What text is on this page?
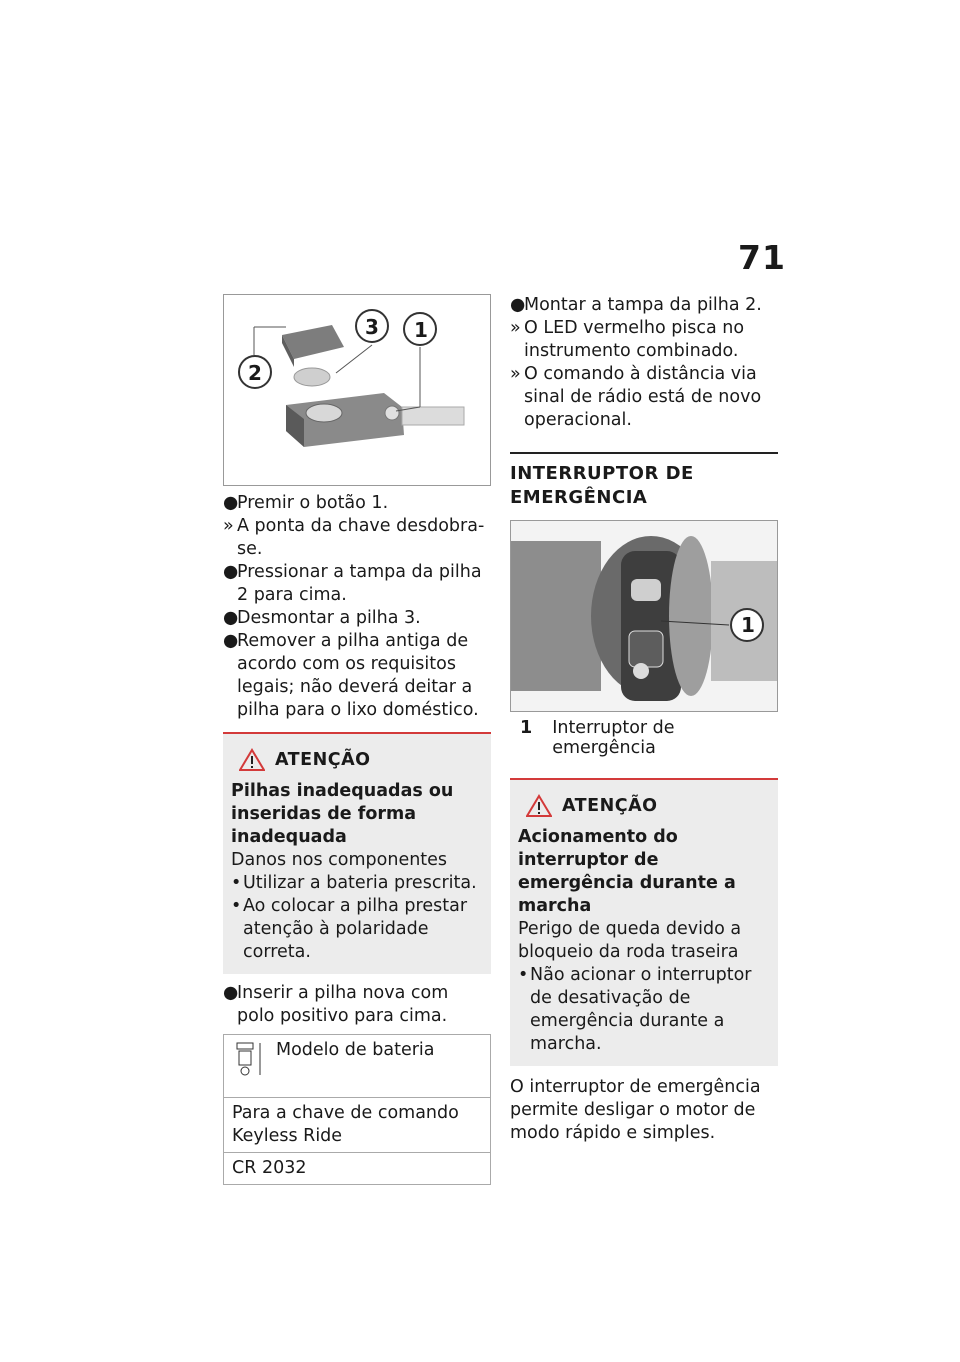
71
2
3 1
●
Premir o botão 1.
» A ponta da chave desdobra-se.
●
Pressionar a tampa da pilha 2 para cima.
●
Desmontar a pilha 3.
●
Remover a pilha antiga de acordo com os requisitos legais; não deverá deitar a pilha para o lixo doméstico.
ATENÇÃO
Pilhas inadequadas ou inseridas de forma inadequada
Danos nos componentes
• Utilizar a bateria prescrita.
• Ao colocar a pilha prestar atenção à polaridade correta.
●
Inserir a pilha nova com polo positivo para cima.
Modelo de bateria
Para a chave de comando Keyless Ride
CR 2032
●
Montar a tampa da pilha 2.
» O LED vermelho pisca no instrumento combinado.
» O comando à distância via sinal de rádio está de novo operacional.
INTERRUPTOR DE EMERGÊNCIA
1
1 Interruptor de emergência
ATENÇÃO
Acionamento do interruptor de emergência durante a marcha
Perigo de queda devido a bloqueio da roda traseira
• Não acionar o interruptor de desativação de emergência durante a marcha.
O interruptor de emergência permite desligar o motor de modo rápido e simples.
